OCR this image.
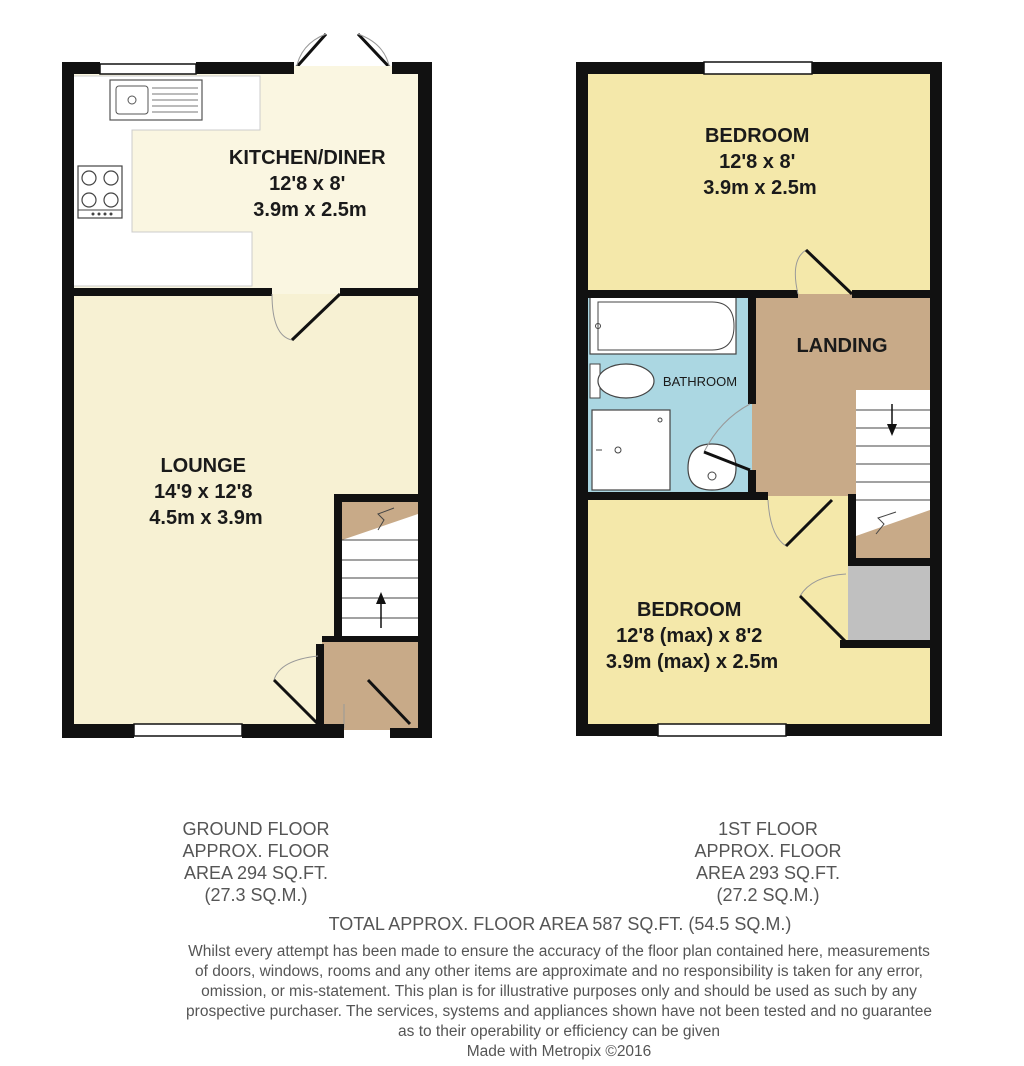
KITCHEN/DINER 12'8 x 8' 3.9m x 2.5m
LOUNGE 14'9 x 12'8 4.5m x 3.9m
BEDROOM 12'8 x 8' 3.9m x 2.5m
LANDING
BATHROOM
BEDROOM 12'8 (max) x 8'2 3.9m (max) x 2.5m
GROUND FLOOR
APPROX. FLOOR
AREA 294 SQ.FT.
(27.3 SQ.M.)
1ST FLOOR
APPROX. FLOOR
AREA 293 SQ.FT.
(27.2 SQ.M.)
TOTAL APPROX. FLOOR AREA 587 SQ.FT. (54.5 SQ.M.)
Whilst every attempt has been made to ensure the accuracy of the floor plan contained here, measurements
of doors, windows, rooms and any other items are approximate and no responsibility is taken for any error,
omission, or mis-statement. This plan is for illustrative purposes only and should be used as such by any
prospective purchaser. The services, systems and appliances shown have not been tested and no guarantee
as to their operability or efficiency can be given
Made with Metropix ©2016
